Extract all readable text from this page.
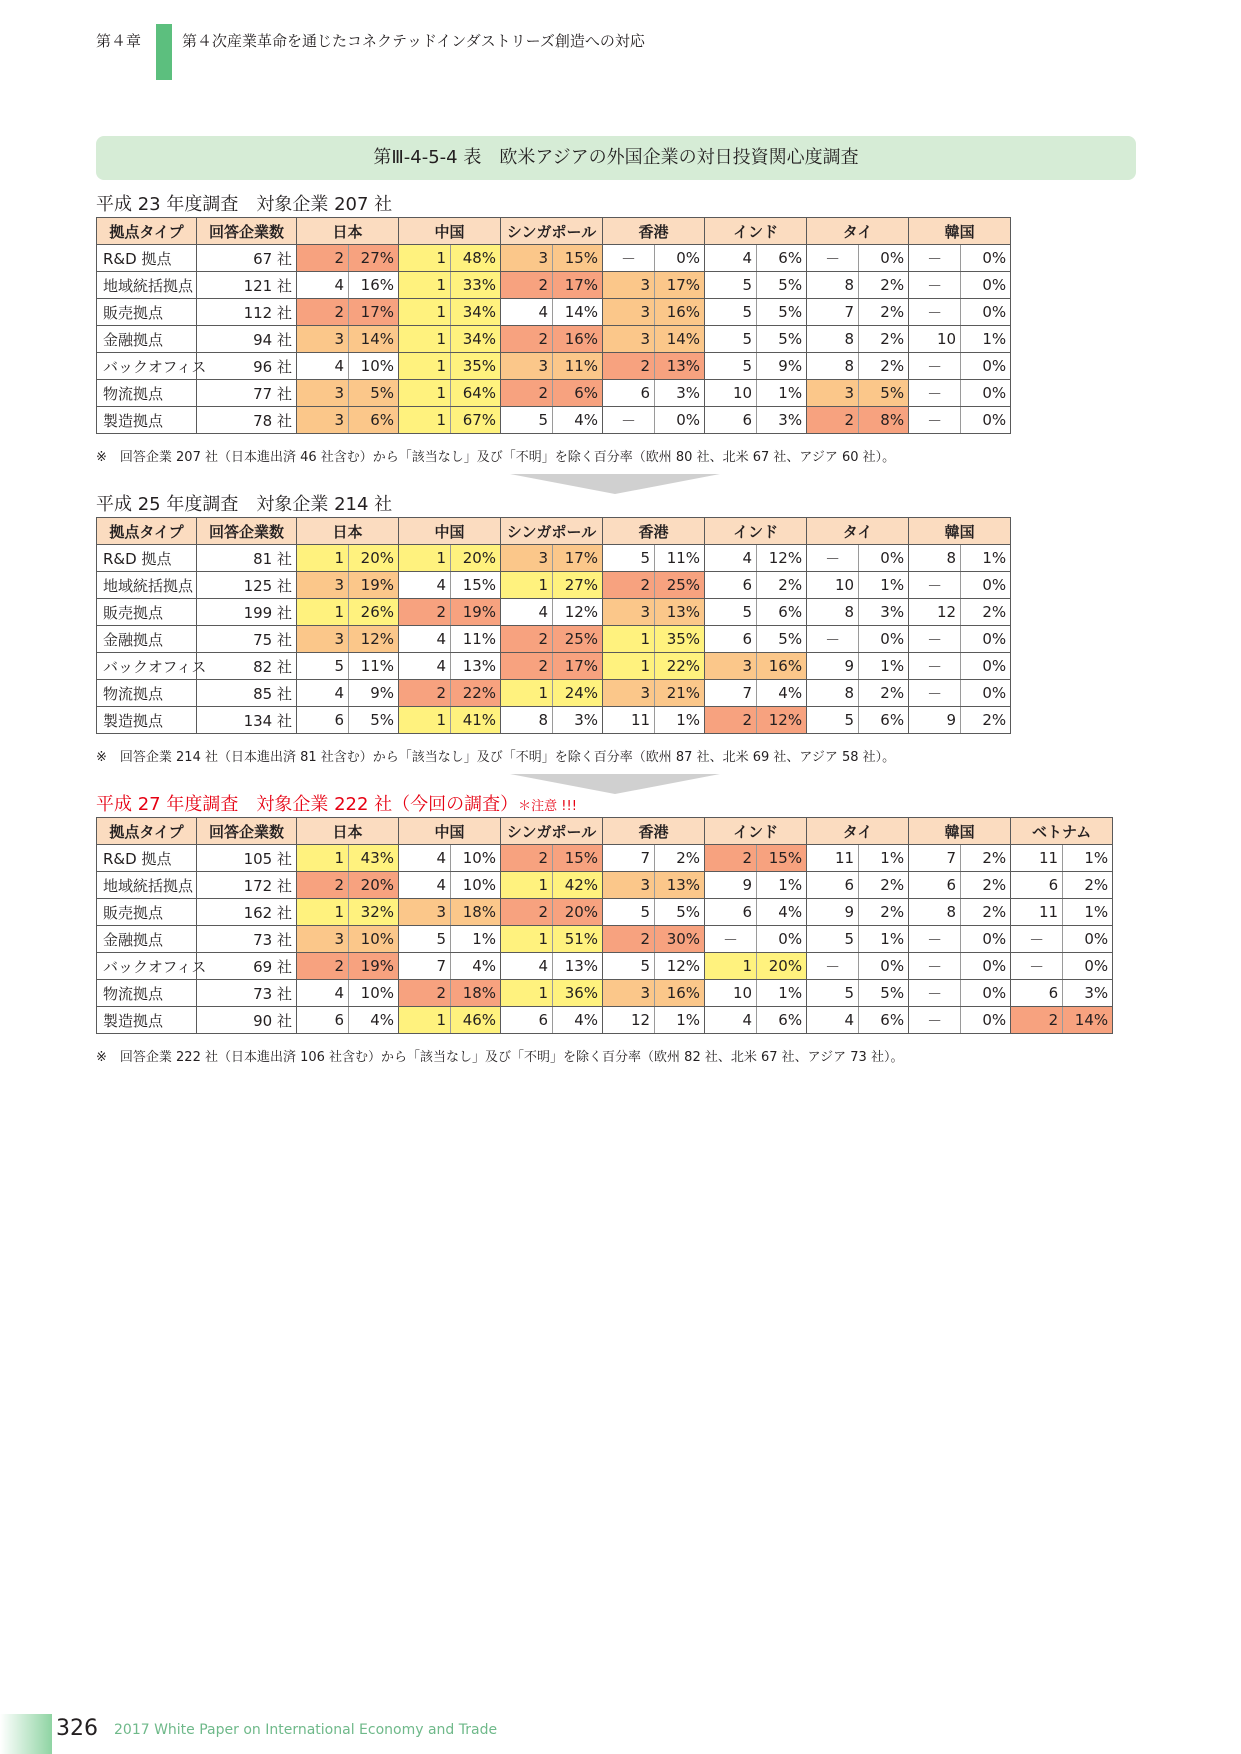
第４章	第４次産業革命を通じたコネクテッドインダストリーズ創造への対応
第Ⅲ-4-5-4 表　欧米アジアの外国企業の対日投資関心度調査
平成 23 年度調査　対象企業 207 社
拠点タイプ	回答企業数	日本		中国		シンガポール		香港		インド		タイ		韓国	
R&D 拠点	67 社	2	27%	1	48%	3	15%	－	0%	4	6%	－	0%	－	0%
地域統括拠点	121 社	4	16%	1	33%	2	17%	3	17%	5	5%	8	2%	－	0%
販売拠点	112 社	2	17%	1	34%	4	14%	3	16%	5	5%	7	2%	－	0%
金融拠点	94 社	3	14%	1	34%	2	16%	3	14%	5	5%	8	2%	10	1%
バックオフィス	96 社	4	10%	1	35%	3	11%	2	13%	5	9%	8	2%	－	0%
物流拠点	77 社	3	5%	1	64%	2	6%	6	3%	10	1%	3	5%	－	0%
製造拠点	78 社	3	6%	1	67%	5	4%	－	0%	6	3%	2	8%	－	0%
※　回答企業 207 社（日本進出済 46 社含む）から「該当なし」及び「不明」を除く百分率（欧州 80 社、北米 67 社、アジア 60 社）。
平成 25 年度調査　対象企業 214 社
拠点タイプ	回答企業数	日本		中国		シンガポール		香港		インド		タイ		韓国	
R&D 拠点	81 社	1	20%	1	20%	3	17%	5	11%	4	12%	－	0%	8	1%
地域統括拠点	125 社	3	19%	4	15%	1	27%	2	25%	6	2%	10	1%	－	0%
販売拠点	199 社	1	26%	2	19%	4	12%	3	13%	5	6%	8	3%	12	2%
金融拠点	75 社	3	12%	4	11%	2	25%	1	35%	6	5%	－	0%	－	0%
バックオフィス	82 社	5	11%	4	13%	2	17%	1	22%	3	16%	9	1%	－	0%
物流拠点	85 社	4	9%	2	22%	1	24%	3	21%	7	4%	8	2%	－	0%
製造拠点	134 社	6	5%	1	41%	8	3%	11	1%	2	12%	5	6%	9	2%
※　回答企業 214 社（日本進出済 81 社含む）から「該当なし」及び「不明」を除く百分率（欧州 87 社、北米 69 社、アジア 58 社）。
平成 27 年度調査　対象企業 222 社（今回の調査）＊注意 !!!
拠点タイプ	回答企業数	日本		中国		シンガポール		香港		インド		タイ		韓国		ベトナム	
R&D 拠点	105 社	1	43%	4	10%	2	15%	7	2%	2	15%	11	1%	7	2%	11	1%
地域統括拠点	172 社	2	20%	4	10%	1	42%	3	13%	9	1%	6	2%	6	2%	6	2%
販売拠点	162 社	1	32%	3	18%	2	20%	5	5%	6	4%	9	2%	8	2%	11	1%
金融拠点	73 社	3	10%	5	1%	1	51%	2	30%	－	0%	5	1%	－	0%	－	0%
バックオフィス	69 社	2	19%	7	4%	4	13%	5	12%	1	20%	－	0%	－	0%	－	0%
物流拠点	73 社	4	10%	2	18%	1	36%	3	16%	10	1%	5	5%	－	0%	6	3%
製造拠点	90 社	6	4%	1	46%	6	4%	12	1%	4	6%	4	6%	－	0%	2	14%
※　回答企業 222 社（日本進出済 106 社含む）から「該当なし」及び「不明」を除く百分率（欧州 82 社、北米 67 社、アジア 73 社）。
326 2017 White Paper on International Economy and Trade
